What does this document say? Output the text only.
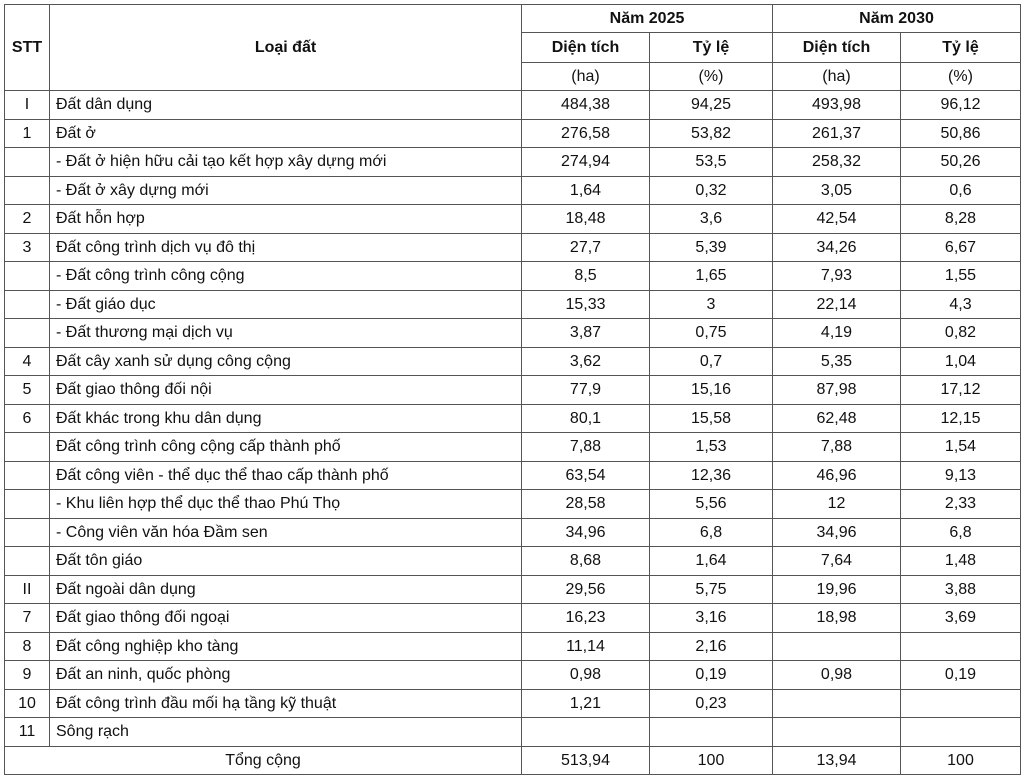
STT	Loại đất	Năm 2025		Năm 2030	
		Diện tích	Tỷ lệ	Diện tích	Tỷ lệ
		(ha)	(%)	(ha)	(%)
I	Đất dân dụng	484,38	94,25	493,98	96,12
1	Đất ở	276,58	53,82	261,37	50,86
	- Đất ở hiện hữu cải tạo kết hợp xây dựng mới	274,94	53,5	258,32	50,26
	- Đất ở xây dựng mới	1,64	0,32	3,05	0,6
2	Đất hỗn hợp	18,48	3,6	42,54	8,28
3	Đất công trình dịch vụ đô thị	27,7	5,39	34,26	6,67
	- Đất công trình công cộng	8,5	1,65	7,93	1,55
	- Đất giáo dục	15,33	3	22,14	4,3
	- Đất thương mại dịch vụ	3,87	0,75	4,19	0,82
4	Đất cây xanh sử dụng công cộng	3,62	0,7	5,35	1,04
5	Đất giao thông đối nội	77,9	15,16	87,98	17,12
6	Đất khác trong khu dân dụng	80,1	15,58	62,48	12,15
	Đất công trình công cộng cấp thành phố	7,88	1,53	7,88	1,54
	Đất công viên - thể dục thể thao cấp thành phố	63,54	12,36	46,96	9,13
	- Khu liên hợp thể dục thể thao Phú Thọ	28,58	5,56	12	2,33
	- Công viên văn hóa Đầm sen	34,96	6,8	34,96	6,8
	Đất tôn giáo	8,68	1,64	7,64	1,48
II	Đất ngoài dân dụng	29,56	5,75	19,96	3,88
7	Đất giao thông đối ngoại	16,23	3,16	18,98	3,69
8	Đất công nghiệp kho tàng	11,14	2,16		
9	Đất an ninh, quốc phòng	0,98	0,19	0,98	0,19
10	Đất công trình đầu mối hạ tầng kỹ thuật	1,21	0,23		
11	Sông rạch				
Tổng cộng		513,94	100	13,94	100
